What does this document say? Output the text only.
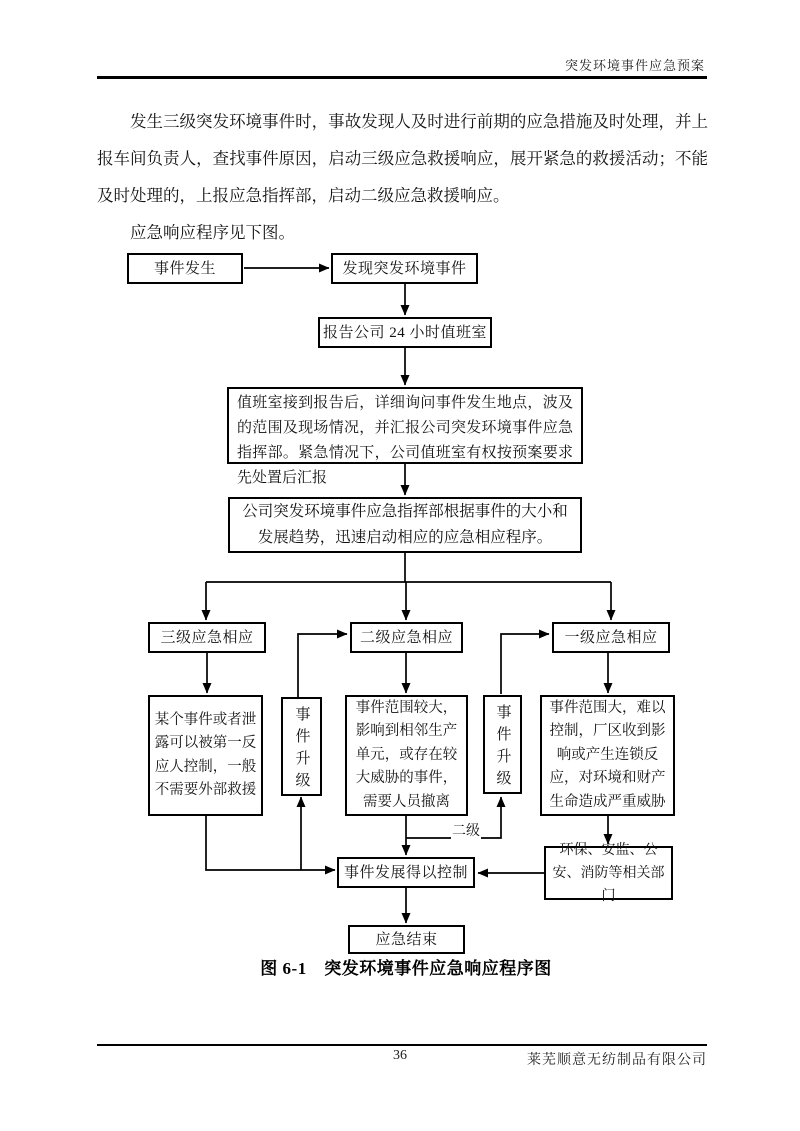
突发环境事件应急预案

发生三级突发环境事件时，事故发现人及时进行前期的应急措施及时处理，并上报车间负责人，查找事件原因，启动三级应急救援响应，展开紧急的救援活动；不能及时处理的，上报应急指挥部，启动二级应急救援响应。

应急响应程序见下图。

事件发生	发现突发环境事件
报告公司 24 小时值班室
值班室接到报告后，详细询问事件发生地点，波及的范围及现场情况，并汇报公司突发环境事件应急指挥部。紧急情况下，公司值班室有权按预案要求先处置后汇报
公司突发环境事件应急指挥部根据事件的大小和发展趋势，迅速启动相应的应急相应程序。
三级应急相应	二级应急相应	一级应急相应
某个事件或者泄露可以被第一反应人控制，一般不需要外部救援	事件升级	事件范围较大，影响到相邻生产单元，或存在较大威胁的事件，需要人员撤离
事件升级	事件范围大，难以控制，厂区收到影响或产生连锁反应，对环境和财产生命造成严重威胁
事件发展得以控制
环保、安监、公安、消防等相关部门
应急结束
二级
图 6-1　突发环境事件应急响应程序图
36	莱芜顺意无纺制品有限公司
